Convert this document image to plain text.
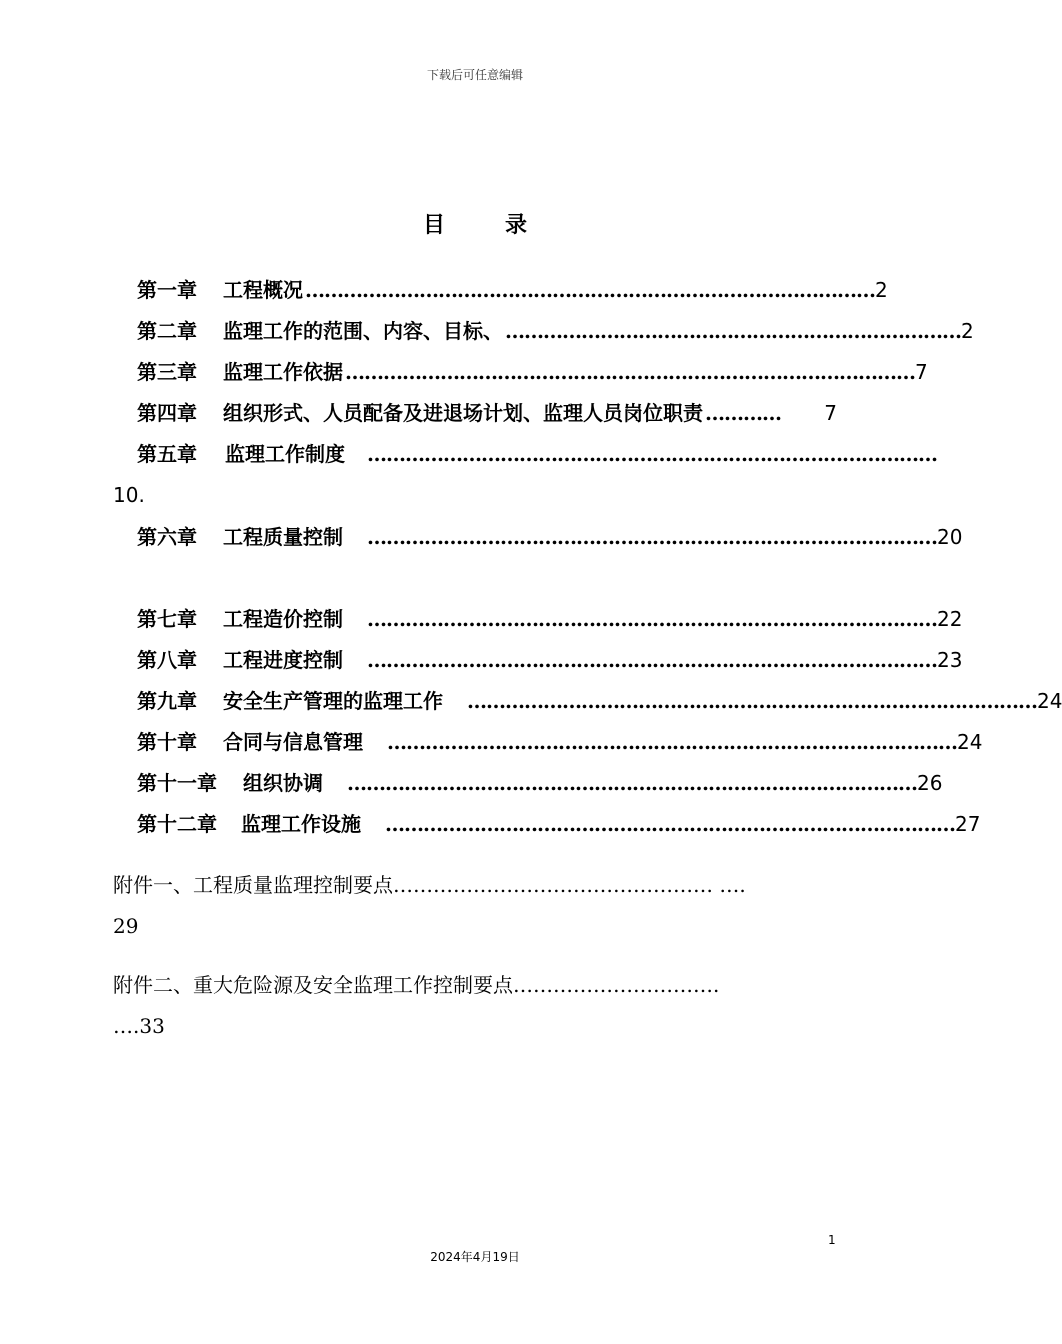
下载后可任意编辑
目录
第一章 工程概况 ……………………………………………………………………………… 2
第二章 监理工作的范围、内容、目标、 ……………………………………………………………… 2
第三章 监理工作依据 ……………………………………………………………………………… 7
第四章 组织形式、人员配备及进退场计划、监理人员岗位职责 …………	7
第五章 监理工作制度 ………………………………………………………………………………
10.
第六章 工程质量控制 ……………………………………………………………………………… 20
第七章 工程造价控制 ……………………………………………………………………………… 22
第八章 工程进度控制 ……………………………………………………………………………… 23
第九章 安全生产管理的监理工作 ……………………………………………………………………………… 24
第十章 合同与信息管理 ……………………………………………………………………………… 24
第十一章 组织协调 ……………………………………………………………………………… 26
第十二章 监理工作设施 ……………………………………………………………………………… 27
附件一、工程质量监理控制要点………………………………………… ….
29
附件二、重大危险源及安全监理工作控制要点………………………….
….33
1
2024年4月19日
